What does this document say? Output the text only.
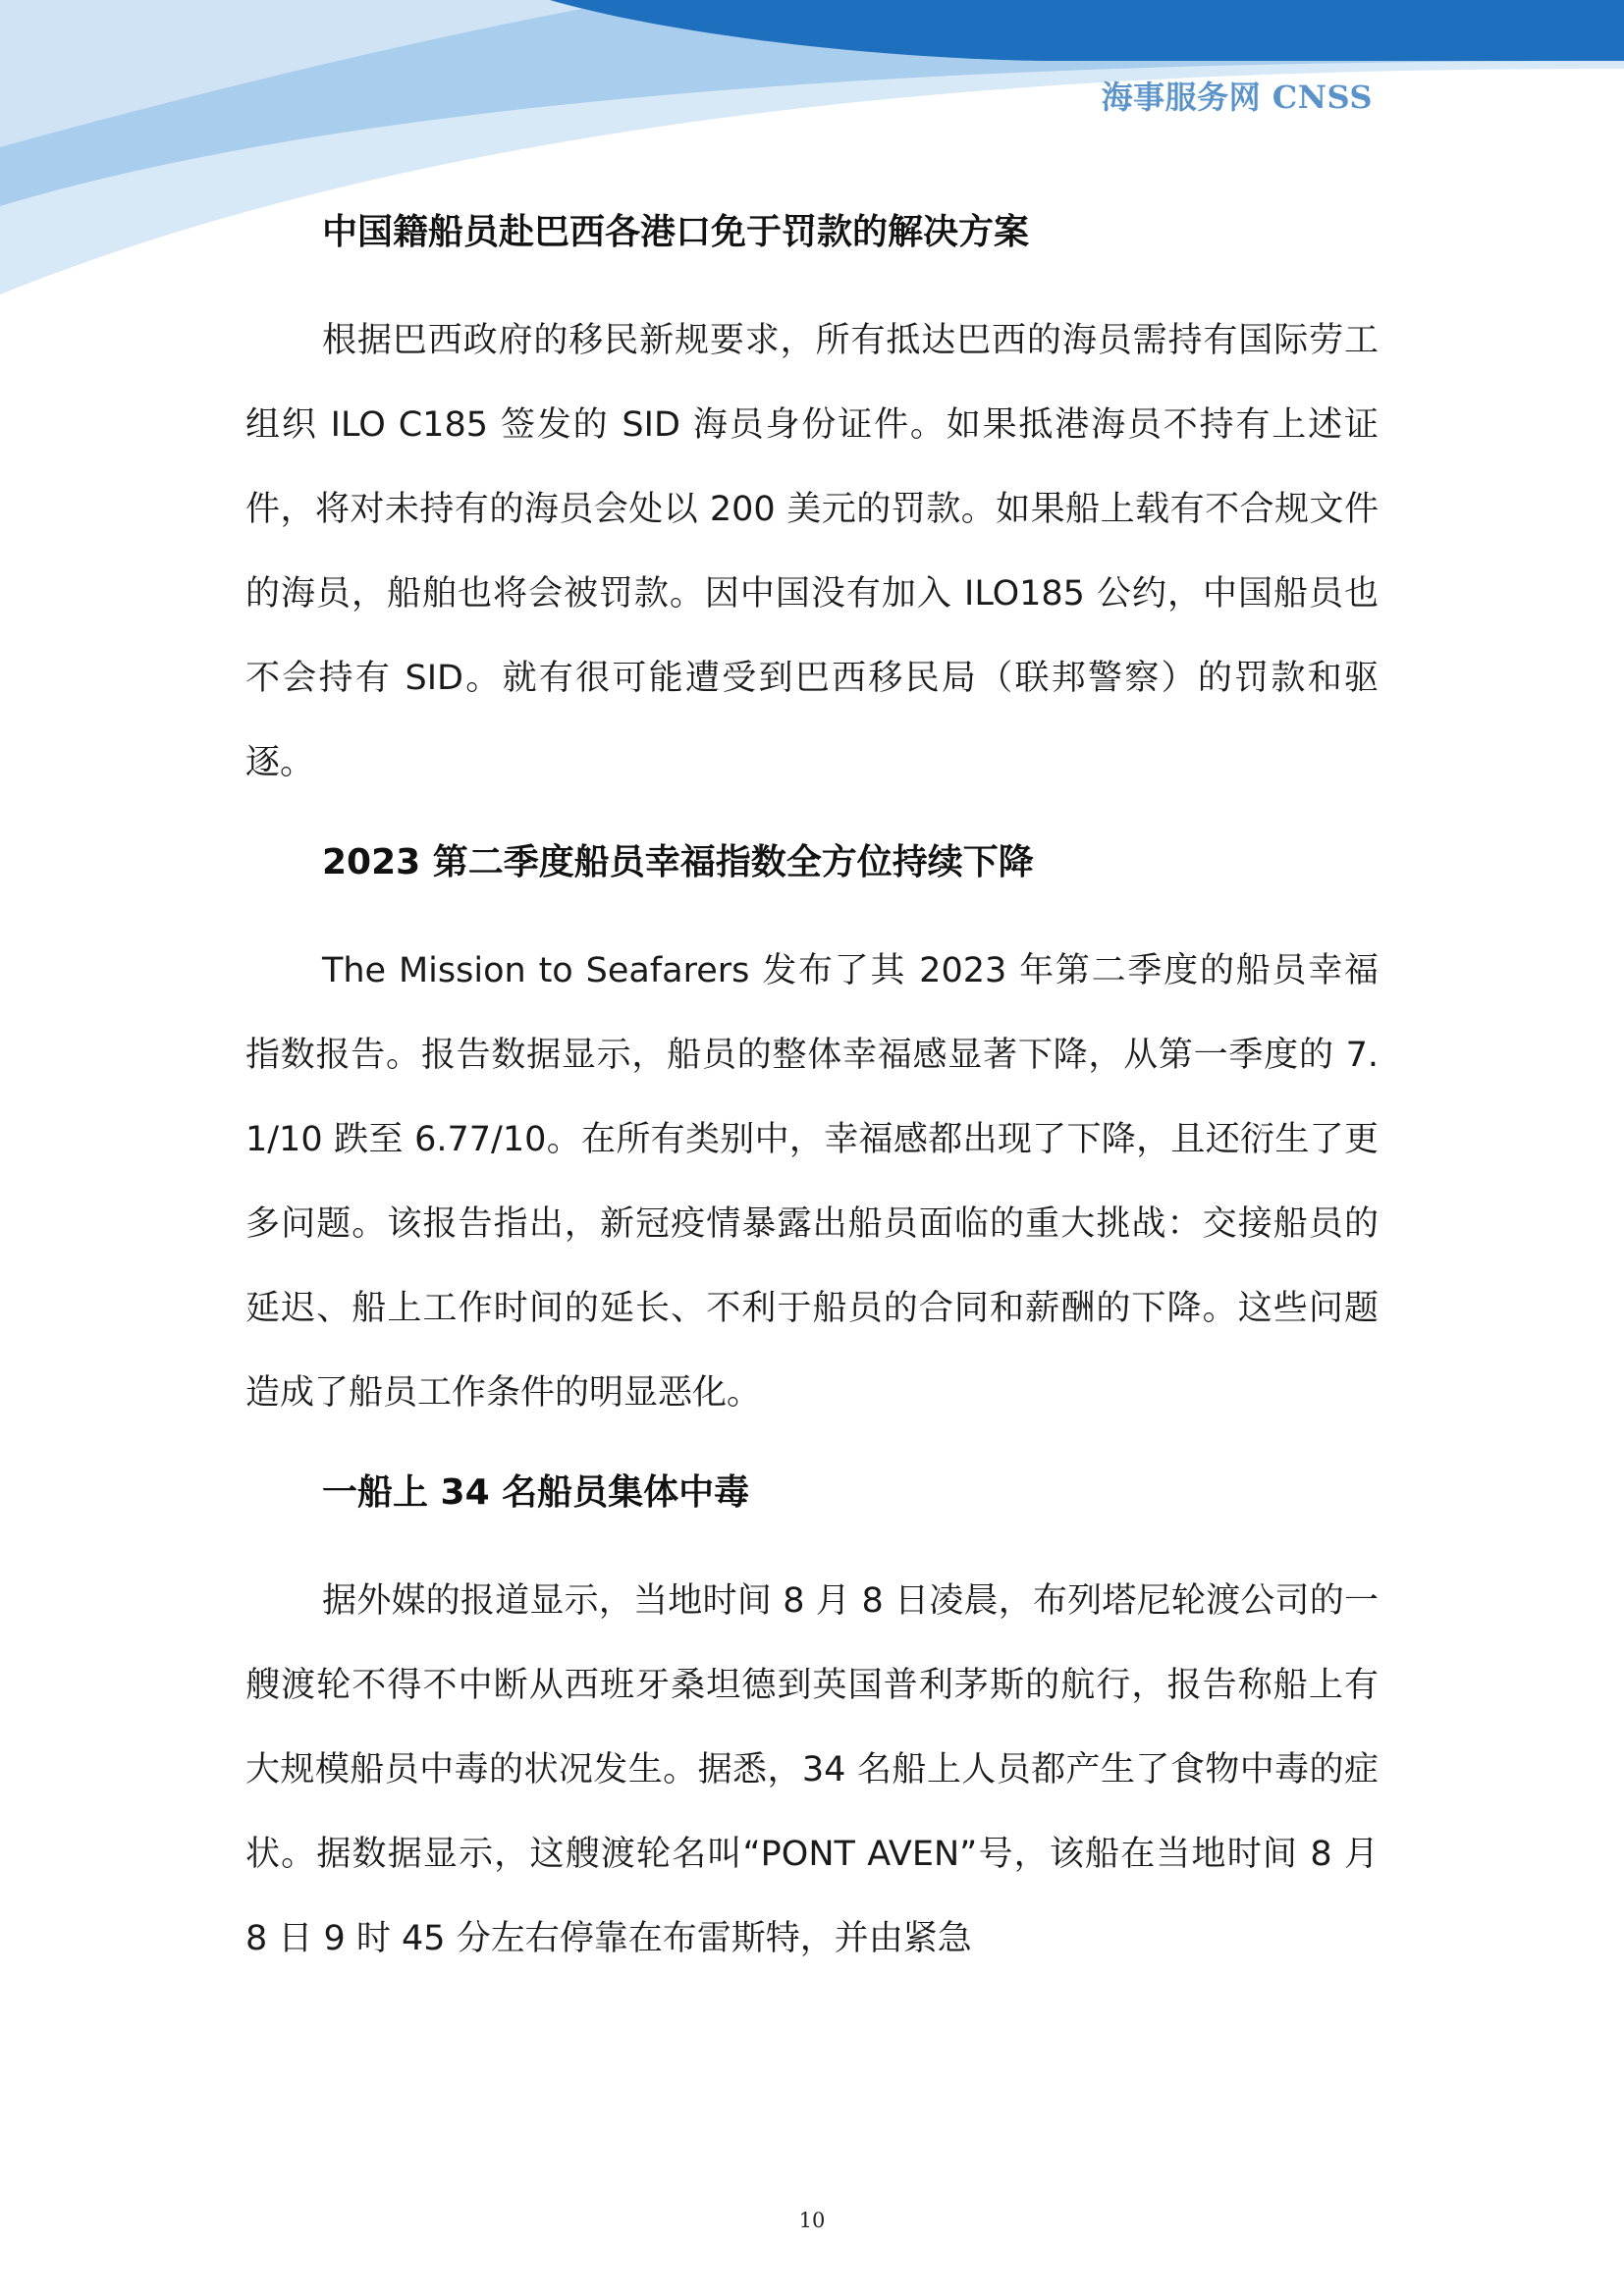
海事服务网 CNSS
中国籍船员赴巴西各港口免于罚款的解决方案

根据巴西政府的移民新规要求，所有抵达巴西的海员需持有国际劳工组织 ILO C185 签发的 SID 海员身份证件。如果抵港海员不持有上述证件，将对未持有的海员会处以 200 美元的罚款。如果船上载有不合规文件的海员，船舶也将会被罚款。因中国没有加入 ILO185 公约，中国船员也不会持有 SID。就有很可能遭受到巴西移民局（联邦警察）的罚款和驱逐。

2023 第二季度船员幸福指数全方位持续下降

The Mission to Seafarers 发布了其 2023 年第二季度的船员幸福指数报告。报告数据显示，船员的整体幸福感显著下降，从第一季度的 7.1/10 跌至 6.77/10。在所有类别中，幸福感都出现了下降，且还衍生了更多问题。该报告指出，新冠疫情暴露出船员面临的重大挑战：交接船员的延迟、船上工作时间的延长、不利于船员的合同和薪酬的下降。这些问题造成了船员工作条件的明显恶化。

一船上 34 名船员集体中毒

据外媒的报道显示，当地时间 8 月 8 日凌晨，布列塔尼轮渡公司的一艘渡轮不得不中断从西班牙桑坦德到英国普利茅斯的航行，报告称船上有大规模船员中毒的状况发生。据悉，34 名船上人员都产生了食物中毒的症状。据数据显示，这艘渡轮名叫“PONT AVEN”号，该船在当地时间 8 月 8 日 9 时 45 分左右停靠在布雷斯特，并由紧急

10
